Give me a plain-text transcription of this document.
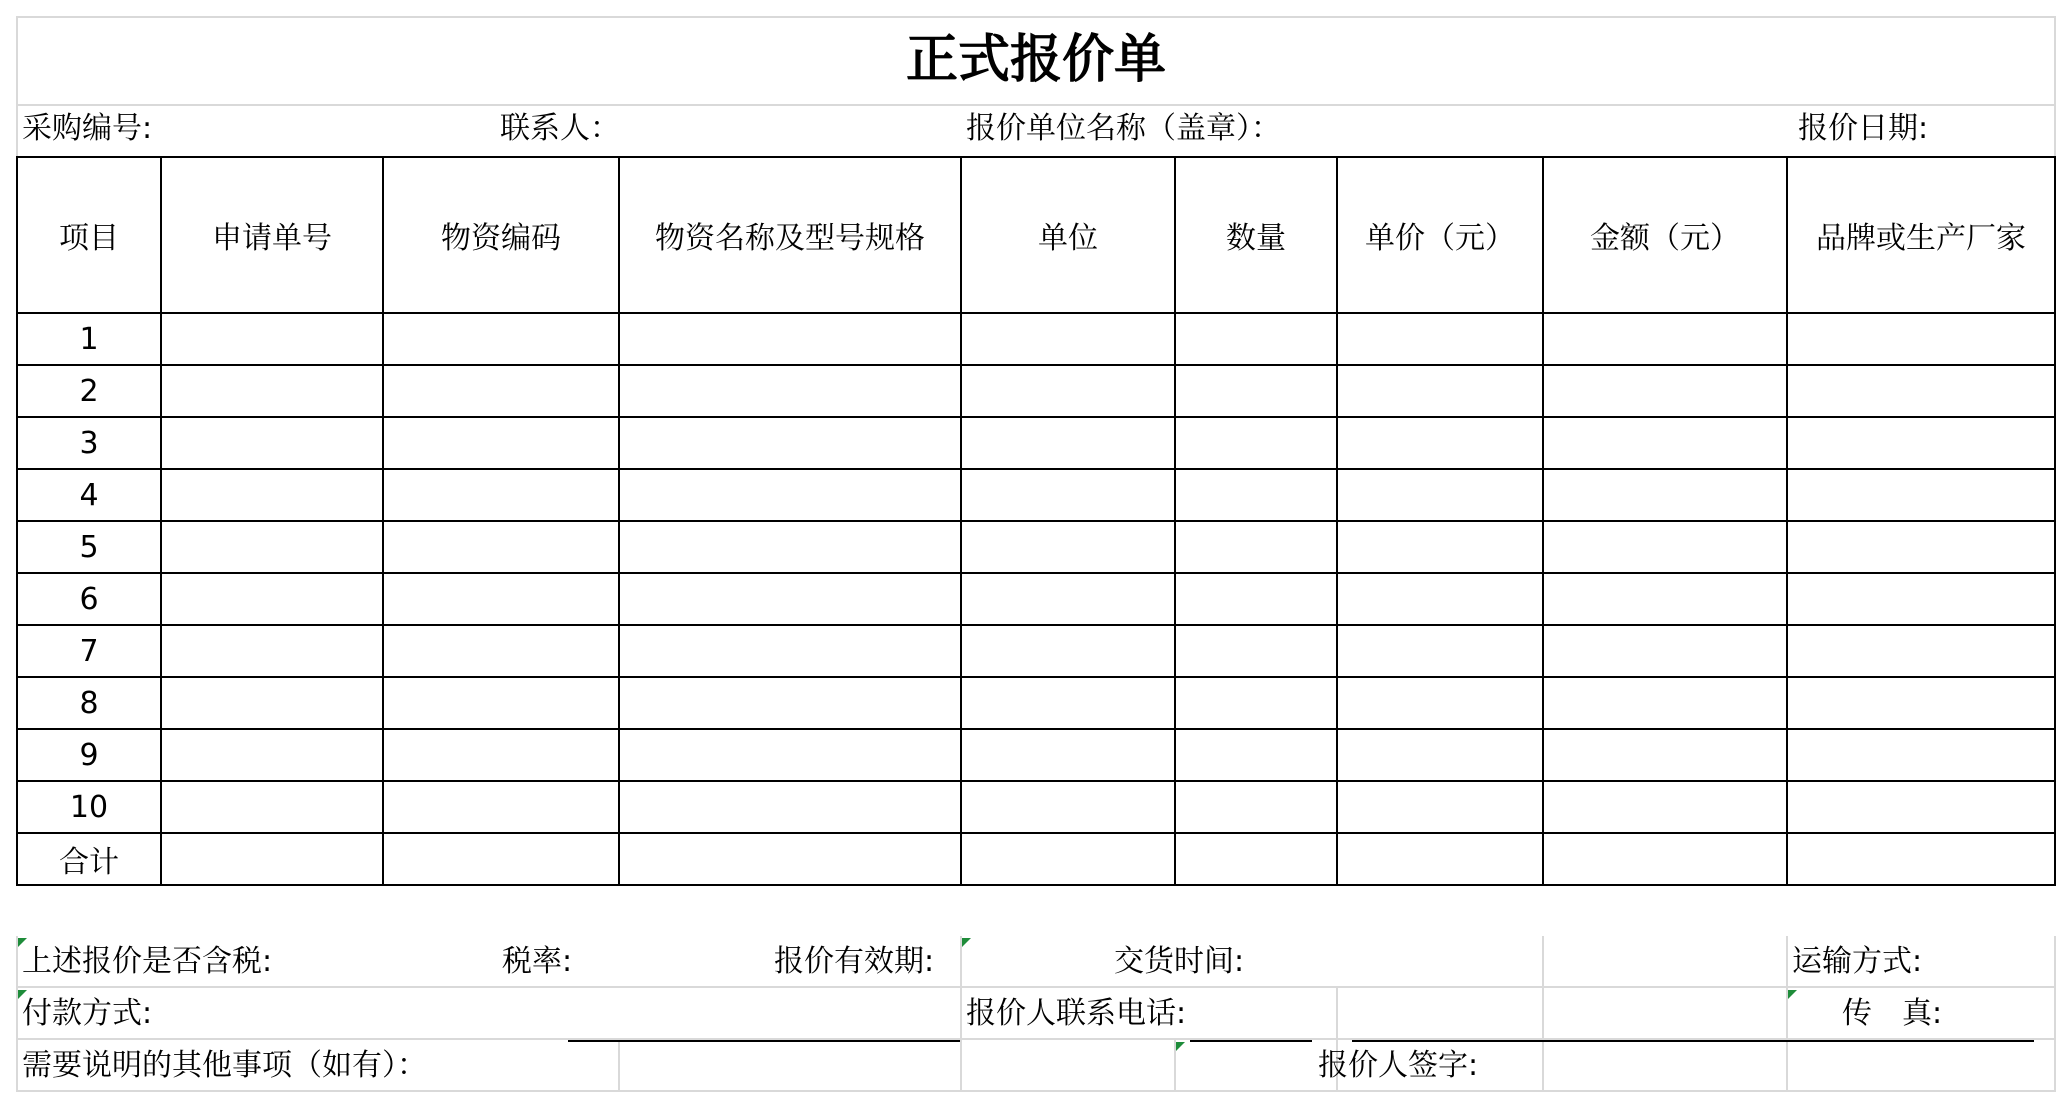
正式报价单
采购编号:	联系人：	报价单位名称（盖章）：	报价日期:
项目	申请单号	物资编码	物资名称及型号规格	单位	数量	单价（元）	金额（元）	品牌或生产厂家
1								
2								
3								
4								
5								
6								
7								
8								
9								
10								
合计								
上述报价是否含税:	税率:	报价有效期:	交货时间:	运输方式:
付款方式:	报价人联系电话:	传　真:
需要说明的其他事项（如有）：	报价人签字:
